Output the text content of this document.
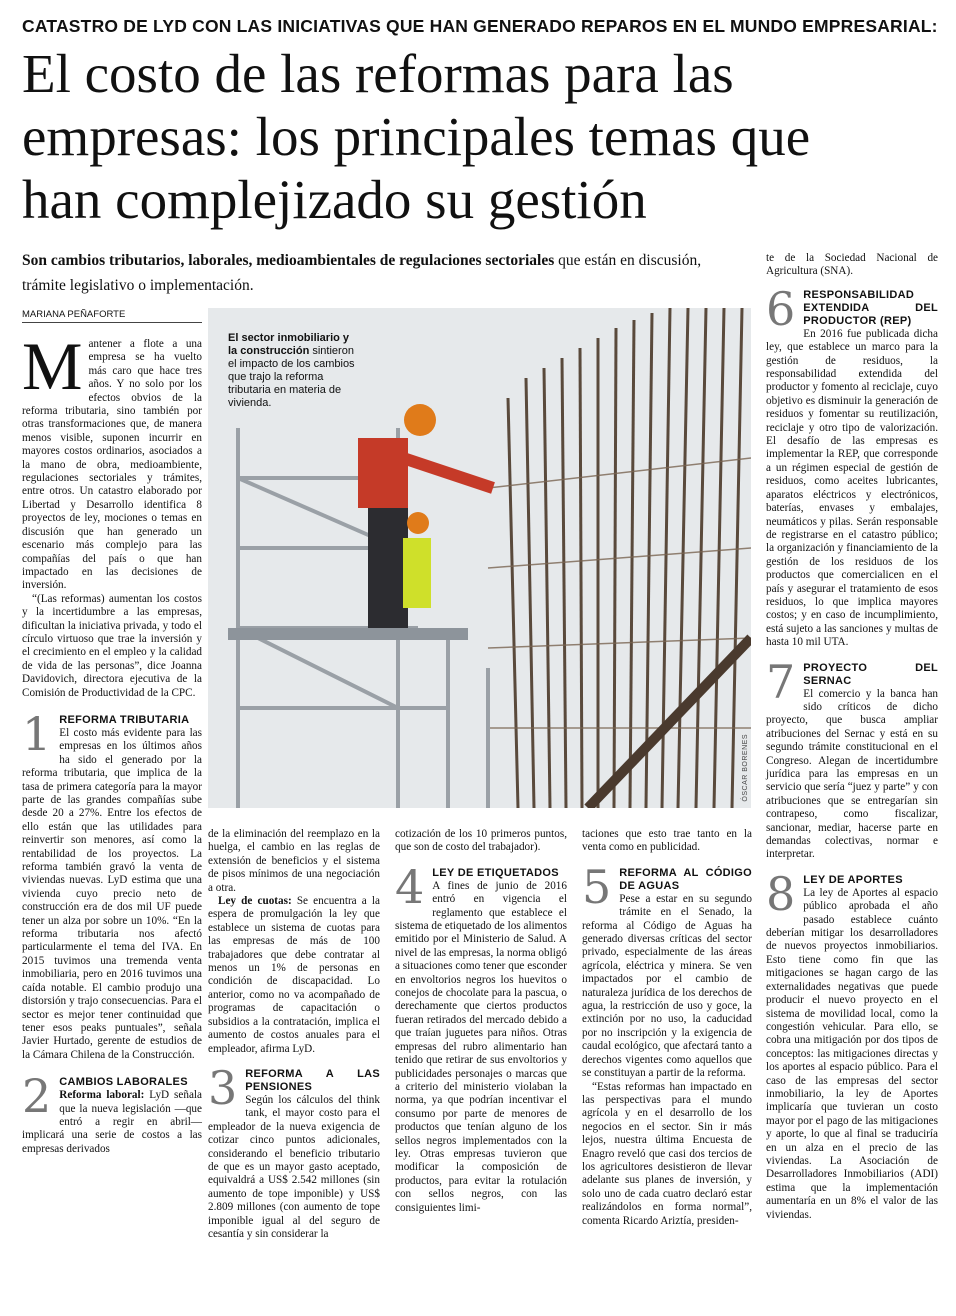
CATASTRO DE LYD CON LAS INICIATIVAS QUE HAN GENERADO REPAROS EN EL MUNDO EMPRESARIAL:
El costo de las reformas para las
empresas: los principales temas que
han complejizado su gestión
Son cambios tributarios, laborales, medioambientales de regulaciones sectoriales que están en discusión, trámite legislativo o implementación.
MARIANA PEÑAFORTE

Mantener a flote a una empresa se ha vuelto más caro que hace tres años. Y no solo por los efectos obvios de la reforma tributaria, sino también por otras transformaciones que, de manera menos visible, suponen incurrir en mayores costos ordinarios, asociados a la mano de obra, medioambiente, regulaciones sectoriales y trámites, entre otros. Un catastro elaborado por Libertad y Desarrollo identifica 8 proyectos de ley, mociones o temas en discusión que han generado un escenario más complejo para las compañías del país o que han impactado en las decisiones de inversión.

“(Las reformas) aumentan los costos y la incertidumbre a las empresas, dificultan la iniciativa privada, y todo el círculo virtuoso que trae la inversión y el crecimiento en el empleo y la calidad de vida de las personas”, dice Joanna Davidovich, directora ejecutiva de la Comisión de Productividad de la CPC.

1 REFORMA TRIBUTARIA

El costo más evidente para las empresas en los últimos años ha sido el generado por la reforma tributaria, que implica de la tasa de primera categoría para la mayor parte de las grandes compañías sube desde 20 a 27%. Entre los efectos de ello están que las utilidades para reinvertir son menores, así como la rentabilidad de los proyectos. La reforma también gravó la venta de viviendas nuevas. LyD estima que una vivienda cuyo precio neto de construcción era de dos mil UF puede tener un alza por sobre un 10%. “En la reforma tributaria nos afectó particularmente el tema del IVA. En 2015 tuvimos una tremenda venta inmobiliaria, pero en 2016 tuvimos una caída notable. El cambio produjo una distorsión y trajo consecuencias. Para el sector es mejor tener continuidad que tener esos peaks puntuales”, señala Javier Hurtado, gerente de estudios de la Cámara Chilena de la Construcción.

2 CAMBIOS LABORALES

Reforma laboral: LyD señala que la nueva legislación —que entró a regir en abril— implicará una serie de costos a las empresas derivados

El sector inmobiliario y la construcción sintieron el impacto de los cambios que trajo la reforma tributaria en materia de vivienda.
ÓSCAR BORENES

de la eliminación del reemplazo en la huelga, el cambio en las reglas de extensión de beneficios y el sistema de pisos mínimos de una negociación a otra.

Ley de cuotas: Se encuentra a la espera de promulgación la ley que establece un sistema de cuotas para las empresas de más de 100 trabajadores que debe contratar al menos un 1% de personas en condición de discapacidad. Lo anterior, como no va acompañado de programas de capacitación o subsidios a la contratación, implica el aumento de costos anuales para el empleador, afirma LyD.

3 REFORMA A LAS PENSIONES

Según los cálculos del think tank, el mayor costo para el empleador de la nueva exigencia de cotizar cinco puntos adicionales, considerando el beneficio tributario de que es un mayor gasto aceptado, equivaldrá a US$ 2.542 millones (sin aumento de tope imponible) y US$ 2.809 millones (con aumento de tope imponible igual al del seguro de cesantía y sin considerar la

cotización de los 10 primeros puntos, que son de costo del trabajador).

4 LEY DE ETIQUETADOS

A fines de junio de 2016 entró en vigencia el reglamento que establece el sistema de etiquetado de los alimentos emitido por el Ministerio de Salud. A nivel de las empresas, la norma obligó a situaciones como tener que esconder en envoltorios negros los huevitos o conejos de chocolate para la pascua, o derechamente que ciertos productos fueran retirados del mercado debido a que traían juguetes para niños. Otras empresas del rubro alimentario han tenido que retirar de sus envoltorios y publicidades personajes o marcas que a criterio del ministerio violaban la norma, ya que podrían incentivar el consumo por parte de menores de productos que tenían alguno de los sellos negros implementados con la ley. Otras empresas tuvieron que modificar la composición de productos, para evitar la rotulación con sellos negros, con las consiguientes limi-

taciones que esto trae tanto en la venta como en publicidad.

5 REFORMA AL CÓDIGO DE AGUAS

Pese a estar en su segundo trámite en el Senado, la reforma al Código de Aguas ha generado diversas críticas del sector privado, especialmente de las áreas agrícola, eléctrica y minera. Se ven impactados por el cambio de naturaleza jurídica de los derechos de agua, la restricción de uso y goce, la extinción por no uso, la caducidad por no inscripción y la exigencia de caudal ecológico, que afectará tanto a derechos vigentes como aquellos que se constituyan a partir de la reforma.

“Estas reformas han impactado en las perspectivas para el mundo agrícola y en el desarrollo de los negocios en el sector. Sin ir más lejos, nuestra última Encuesta de Enagro reveló que casi dos tercios de los agricultores desistieron de llevar adelante sus planes de inversión, y solo uno de cada cuatro declaró estar realizándolos en forma normal”, comenta Ricardo Ariztía, presiden-

te de la Sociedad Nacional de Agricultura (SNA).

6 RESPONSABILIDAD EXTENDIDA DEL PRODUCTOR (REP)

En 2016 fue publicada dicha ley, que establece un marco para la gestión de residuos, la responsabilidad extendida del productor y fomento al reciclaje, cuyo objetivo es disminuir la generación de residuos y fomentar su reutilización, reciclaje y otro tipo de valorización. El desafío de las empresas es implementar la REP, que corresponde a un régimen especial de gestión de residuos, como aceites lubricantes, aparatos eléctricos y electrónicos, baterías, envases y embalajes, neumáticos y pilas. Serán responsable de registrarse en el catastro público; la organización y financiamiento de la gestión de los residuos de los productos que comercialicen en el país y asegurar el tratamiento de esos residuos, lo que implica mayores costos; y en caso de incumplimiento, está sujeto a las sanciones y multas de hasta 10 mil UTA.

7 PROYECTO DEL SERNAC

El comercio y la banca han sido críticos de dicho proyecto, que busca ampliar atribuciones del Sernac y está en su segundo trámite constitucional en el Congreso. Alegan de incertidumbre jurídica para las empresas en un servicio que sería “juez y parte” y con atribuciones que se entregarían sin contrapeso, como fiscalizar, sancionar, mediar, hacerse parte en demandas colectivas, normar e interpretar.

8 LEY DE APORTES

La ley de Aportes al espacio público aprobada el año pasado establece cuánto deberían mitigar los desarrolladores de nuevos proyectos inmobiliarios. Esto tiene como fin que las mitigaciones se hagan cargo de las externalidades negativas que puede producir el nuevo proyecto en el sistema de movilidad local, como la congestión vehicular. Para ello, se cobra una mitigación por dos tipos de conceptos: las mitigaciones directas y los aportes al espacio público. Para el caso de las empresas del sector inmobiliario, la ley de Aportes implicaría que tuvieran un costo mayor por el pago de las mitigaciones y aporte, lo que al final se traduciría en un alza en el precio de las viviendas. La Asociación de Desarrolladores Inmobiliarios (ADI) estima que la implementación aumentaría en un 8% el valor de las viviendas.
